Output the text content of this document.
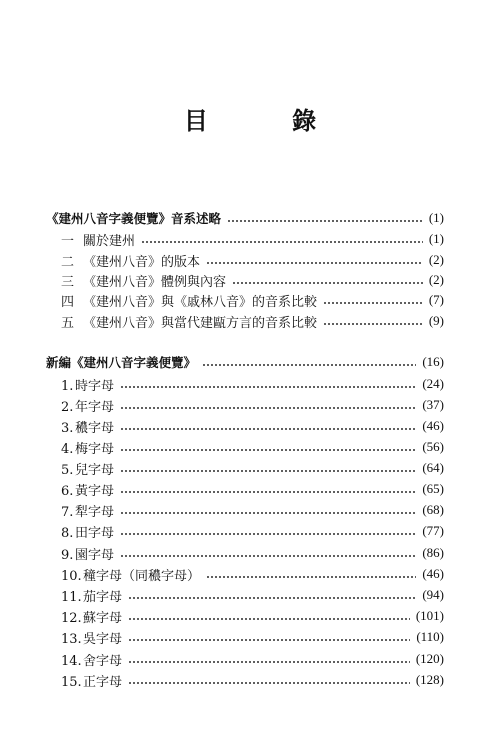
目 錄
《建州八音字義便覽》音系述略	(1)
一 關於建州	(1)
二 《建州八音》的版本	(2)
三 《建州八音》體例與內容	(2)
四 《建州八音》與《戚林八音》的音系比較	(7)
五 《建州八音》與當代建甌方言的音系比較	(9)
新編《建州八音字義便覽》	(16)
1. 時字母	(24)
2. 年字母	(37)
3. 穠字母	(46)
4. 梅字母	(56)
5. 兒字母	(64)
6. 黃字母	(65)
7. 犁字母	(68)
8. 田字母	(77)
9. 園字母	(86)
10.穜字母（同穠字母）	(46)
11.茄字母	(94)
12.蘇字母	(101)
13.吳字母	(110)
14.舍字母	(120)
15.正字母	(128)
